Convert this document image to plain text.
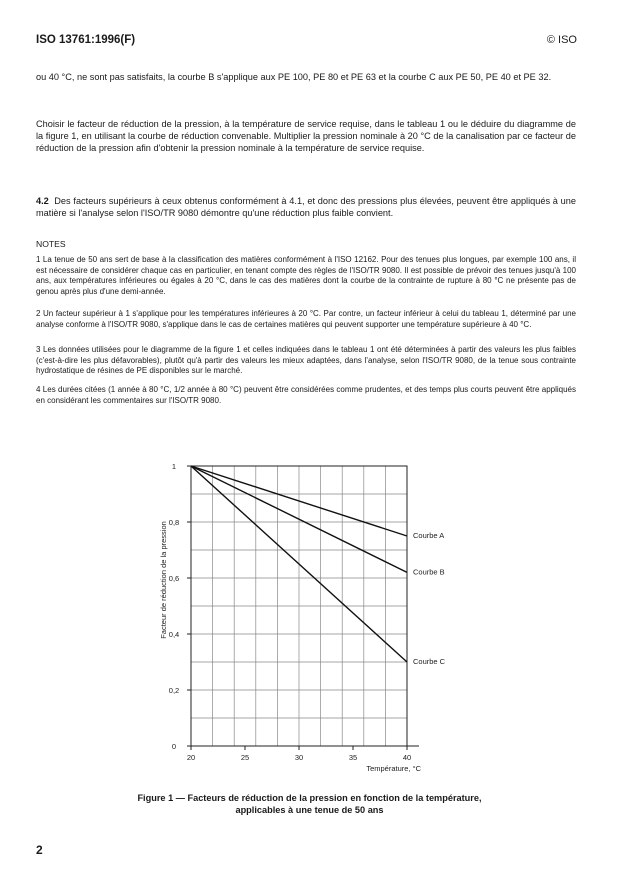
ISO 13761:1996(F)	© ISO
ou 40 °C, ne sont pas satisfaits, la courbe B s'applique aux PE 100, PE 80 et PE 63 et la courbe C aux PE 50, PE 40 et PE 32.
Choisir le facteur de réduction de la pression, à la température de service requise, dans le tableau 1 ou le déduire du diagramme de la figure 1, en utilisant la courbe de réduction convenable. Multiplier la pression nominale à 20 °C de la canalisation par ce facteur de réduction de la pression afin d'obtenir la pression nominale à la température de service requise.
4.2 Des facteurs supérieurs à ceux obtenus conformément à 4.1, et donc des pressions plus élevées, peuvent être appliqués à une matière si l'analyse selon l'ISO/TR 9080 démontre qu'une réduction plus faible convient.
NOTES
1 La tenue de 50 ans sert de base à la classification des matières conformément à l'ISO 12162. Pour des tenues plus longues, par exemple 100 ans, il est nécessaire de considérer chaque cas en particulier, en tenant compte des règles de l'ISO/TR 9080. Il est possible de prévoir des tenues jusqu'à 100 ans, aux températures inférieures ou égales à 20 °C, dans le cas des matières dont la courbe de la contrainte de rupture à 80 °C ne présente pas de genou après plus d'une demi-année.
2 Un facteur supérieur à 1 s'applique pour les températures inférieures à 20 °C. Par contre, un facteur inférieur à celui du tableau 1, déterminé par une analyse conforme à l'ISO/TR 9080, s'applique dans le cas de certaines matières qui peuvent supporter une température supérieure à 40 °C.
3 Les données utilisées pour le diagramme de la figure 1 et celles indiquées dans le tableau 1 ont été déterminées à partir des valeurs les plus faibles (c'est-à-dire les plus défavorables), plutôt qu'à partir des valeurs les mieux adaptées, dans l'analyse, selon l'ISO/TR 9080, de la tenue sous contrainte hydrostatique de résines de PE disponibles sur le marché.
4 Les durées citées (1 année à 80 °C, 1/2 année à 80 °C) peuvent être considérées comme prudentes, et des temps plus courts peuvent être appliqués en considérant les commentaires sur l'ISO/TR 9080.
20	25	30	35	40
0
0,2
0,4
0,6
0,8
1
Température, °C
Facteur de réduction de la pression	Courbe A
Courbe B
Courbe C
Figure 1 — Facteurs de réduction de la pression en fonction de la température,
applicables à une tenue de 50 ans
2
